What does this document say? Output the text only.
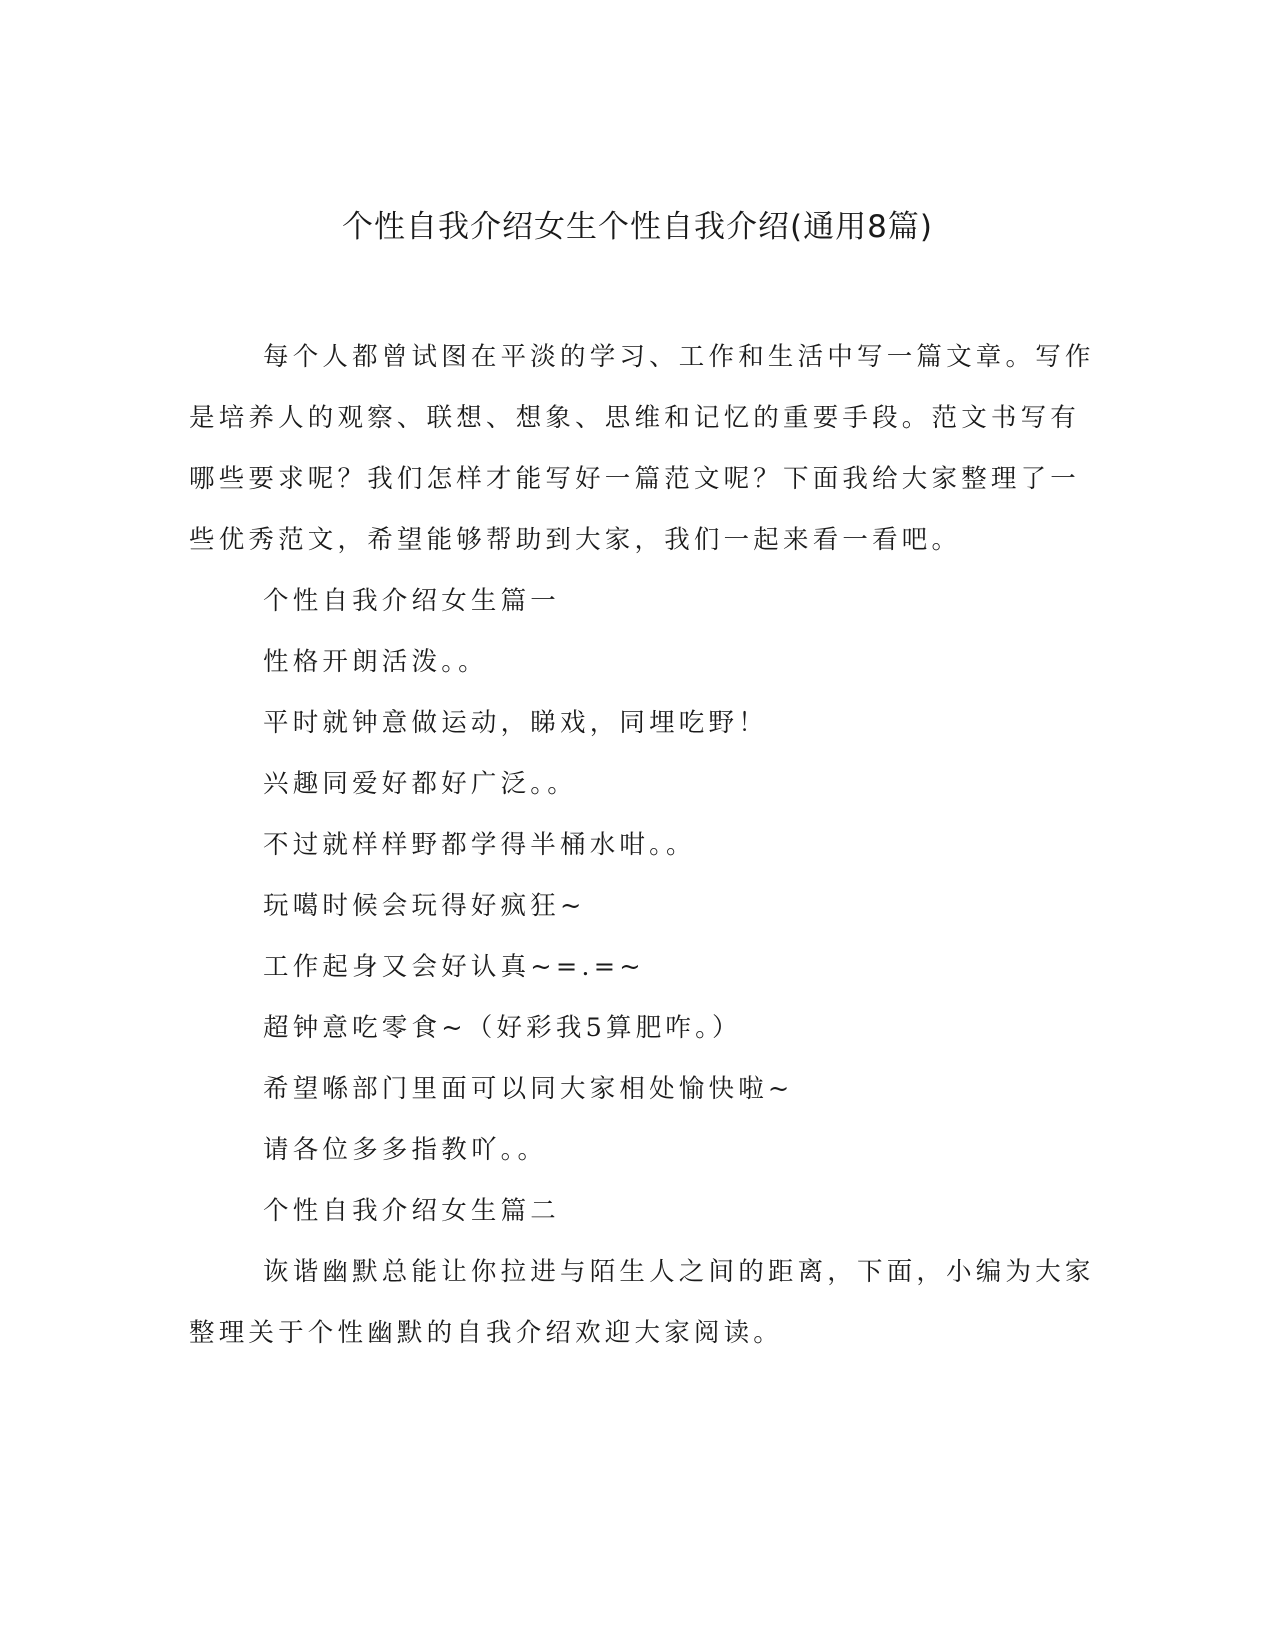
个性自我介绍女生个性自我介绍(通用8篇)

每个人都曾试图在平淡的学习、工作和生活中写一篇文章。写作
是培养人的观察、联想、想象、思维和记忆的重要手段。范文书写有
哪些要求呢？我们怎样才能写好一篇范文呢？下面我给大家整理了一
些优秀范文，希望能够帮助到大家，我们一起来看一看吧。

个性自我介绍女生篇一

性格开朗活泼。。

平时就钟意做运动，睇戏，同埋吃野！

兴趣同爱好都好广泛。。

不过就样样野都学得半桶水咁。。

玩噶时候会玩得好疯狂~

工作起身又会好认真~=.=~

超钟意吃零食~（好彩我5算肥咋。）

希望喺部门里面可以同大家相处愉快啦~

请各位多多指教吖。。

个性自我介绍女生篇二

诙谐幽默总能让你拉进与陌生人之间的距离，下面，小编为大家
整理关于个性幽默的自我介绍欢迎大家阅读。
